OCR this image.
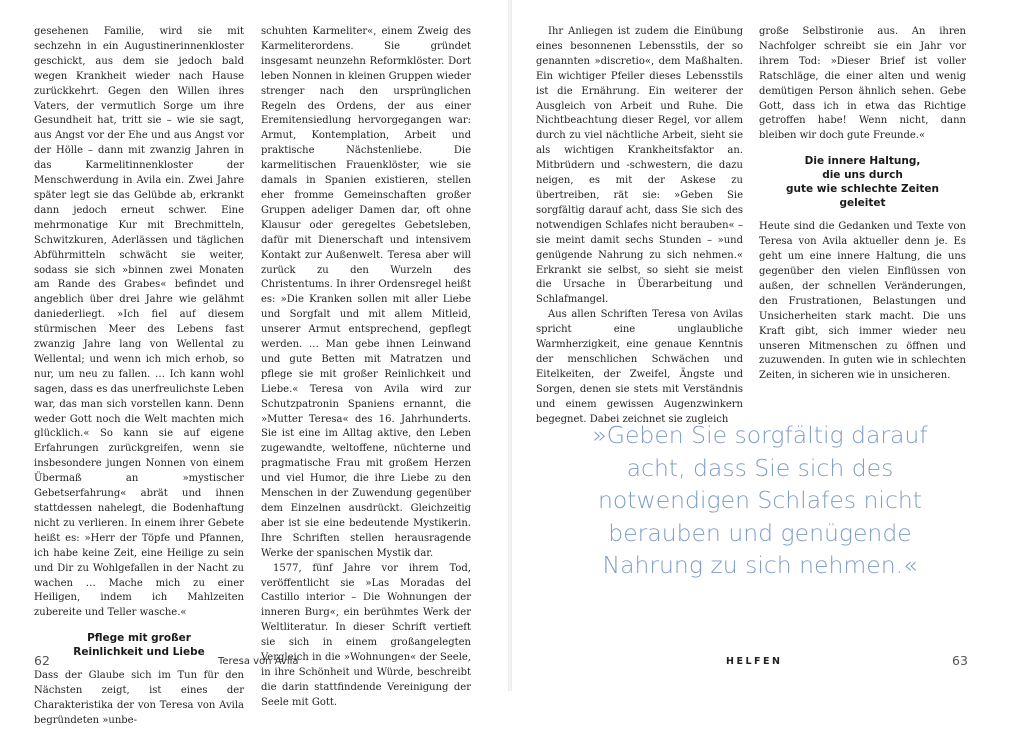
gesehenen Familie, wird sie mit sechzehn in ein Augustinerinnenkloster geschickt, aus dem sie jedoch bald wegen Krankheit wieder nach Hause zurückkehrt. Gegen den Willen ihres Vaters, der vermutlich Sorge um ihre Gesundheit hat, tritt sie – wie sie sagt, aus Angst vor der Ehe und aus Angst vor der Hölle – dann mit zwanzig Jahren in das Karmelitinnenkloster der Menschwerdung in Avila ein. Zwei Jahre später legt sie das Gelübde ab, erkrankt dann jedoch erneut schwer. Eine mehrmonatige Kur mit Brechmitteln, Schwitzkuren, Aderlässen und täglichen Abführmitteln schwächt sie weiter, sodass sie sich »binnen zwei Monaten am Rande des Grabes« befindet und angeblich über drei Jahre wie gelähmt daniederliegt. »Ich fiel auf diesem stürmischen Meer des Lebens fast zwanzig Jahre lang von Wellental zu Wellental; und wenn ich mich erhob, so nur, um neu zu fallen. … Ich kann wohl sagen, dass es das unerfreulichste Leben war, das man sich vorstellen kann. Denn weder Gott noch die Welt machten mich glücklich.« So kann sie auf eigene Erfahrungen zurückgreifen, wenn sie insbesondere jungen Nonnen von einem Übermaß an »mystischer Gebetserfahrung« abrät und ihnen stattdessen nahelegt, die Bodenhaftung nicht zu verlieren. In einem ihrer Gebete heißt es: »Herr der Töpfe und Pfannen, ich habe keine Zeit, eine Heilige zu sein und Dir zu Wohlgefallen in der Nacht zu wachen … Mache mich zu einer Heiligen, indem ich Mahlzeiten zubereite und Teller wasche.«

Pflege mit großer
Reinlichkeit und Liebe

Dass der Glaube sich im Tun für den Nächsten zeigt, ist eines der Charakteristika der von Teresa von Avila begründeten »unbe-

schuhten Karmeliter«, einem Zweig des Karmeliterordens. Sie gründet insgesamt neunzehn Reformklöster. Dort leben Nonnen in kleinen Gruppen wieder strenger nach den ursprünglichen Regeln des Ordens, der aus einer Eremitensiedlung hervorgegangen war: Armut, Kontemplation, Arbeit und praktische Nächstenliebe. Die karmelitischen Frauenklöster, wie sie damals in Spanien existieren, stellen eher fromme Gemeinschaften großer Gruppen adeliger Damen dar, oft ohne Klausur oder geregeltes Gebetsleben, dafür mit Dienerschaft und intensivem Kontakt zur Außenwelt. Teresa aber will zurück zu den Wurzeln des Christentums. In ihrer Ordensregel heißt es: »Die Kranken sollen mit aller Liebe und Sorgfalt und mit allem Mitleid, unserer Armut entsprechend, gepflegt werden. … Man gebe ihnen Leinwand und gute Betten mit Matratzen und pflege sie mit großer Reinlichkeit und Liebe.« Teresa von Avila wird zur Schutzpatronin Spaniens ernannt, die »Mutter Teresa« des 16. Jahrhunderts. Sie ist eine im Alltag aktive, den Leben zugewandte, weltoffene, nüchterne und pragmatische Frau mit großem Herzen und viel Humor, die ihre Liebe zu den Menschen in der Zuwendung gegenüber dem Einzelnen ausdrückt. Gleichzeitig aber ist sie eine bedeutende Mystikerin. Ihre Schriften stellen herausragende Werke der spanischen Mystik dar.

1577, fünf Jahre vor ihrem Tod, veröffentlicht sie »Las Moradas del Castillo interior – Die Wohnungen der inneren Burg«, ein berühmtes Werk der Weltliteratur. In dieser Schrift vertieft sie sich in einem großangelegten Vergleich in die »Wohnungen« der Seele, in ihre Schönheit und Würde, beschreibt die darin stattfindende Vereinigung der Seele mit Gott.

Ihr Anliegen ist zudem die Einübung eines besonnenen Lebensstils, der so genannten »discretio«, dem Maßhalten. Ein wichtiger Pfeiler dieses Lebensstils ist die Ernährung. Ein weiterer der Ausgleich von Arbeit und Ruhe. Die Nichtbeachtung dieser Regel, vor allem durch zu viel nächtliche Arbeit, sieht sie als wichtigen Krankheitsfaktor an. Mitbrüdern und -schwestern, die dazu neigen, es mit der Askese zu übertreiben, rät sie: »Geben Sie sorgfältig darauf acht, dass Sie sich des notwendigen Schlafes nicht berauben« – sie meint damit sechs Stunden – »und genügende Nahrung zu sich nehmen.« Erkrankt sie selbst, so sieht sie meist die Ursache in Überarbeitung und Schlafmangel.

Aus allen Schriften Teresa von Avilas spricht eine unglaubliche Warmherzigkeit, eine genaue Kenntnis der menschlichen Schwächen und Eitelkeiten, der Zweifel, Ängste und Sorgen, denen sie stets mit Verständnis und einem gewissen Augenzwinkern begegnet. Dabei zeichnet sie zugleich

große Selbstironie aus. An ihren Nachfolger schreibt sie ein Jahr vor ihrem Tod: »Dieser Brief ist voller Ratschläge, die einer alten und wenig demütigen Person ähnlich sehen. Gebe Gott, dass ich in etwa das Richtige getroffen habe! Wenn nicht, dann bleiben wir doch gute Freunde.«

Die innere Haltung,
die uns durch
gute wie schlechte Zeiten
geleitet

Heute sind die Gedanken und Texte von Teresa von Avila aktueller denn je. Es geht um eine innere Haltung, die uns gegenüber den vielen Einflüssen von außen, der schnellen Veränderungen, den Frustrationen, Belastungen und Unsicherheiten stark macht. Die uns Kraft gibt, sich immer wieder neu unseren Mitmenschen zu öffnen und zuzuwenden. In guten wie in schlechten Zeiten, in sicheren wie in unsicheren.

»Geben Sie sorgfältig darauf
acht, dass Sie sich des
notwendigen Schlafes nicht
berauben und genügende
Nahrung zu sich nehmen.«
62	Teresa von Avila	HELFEN	63
